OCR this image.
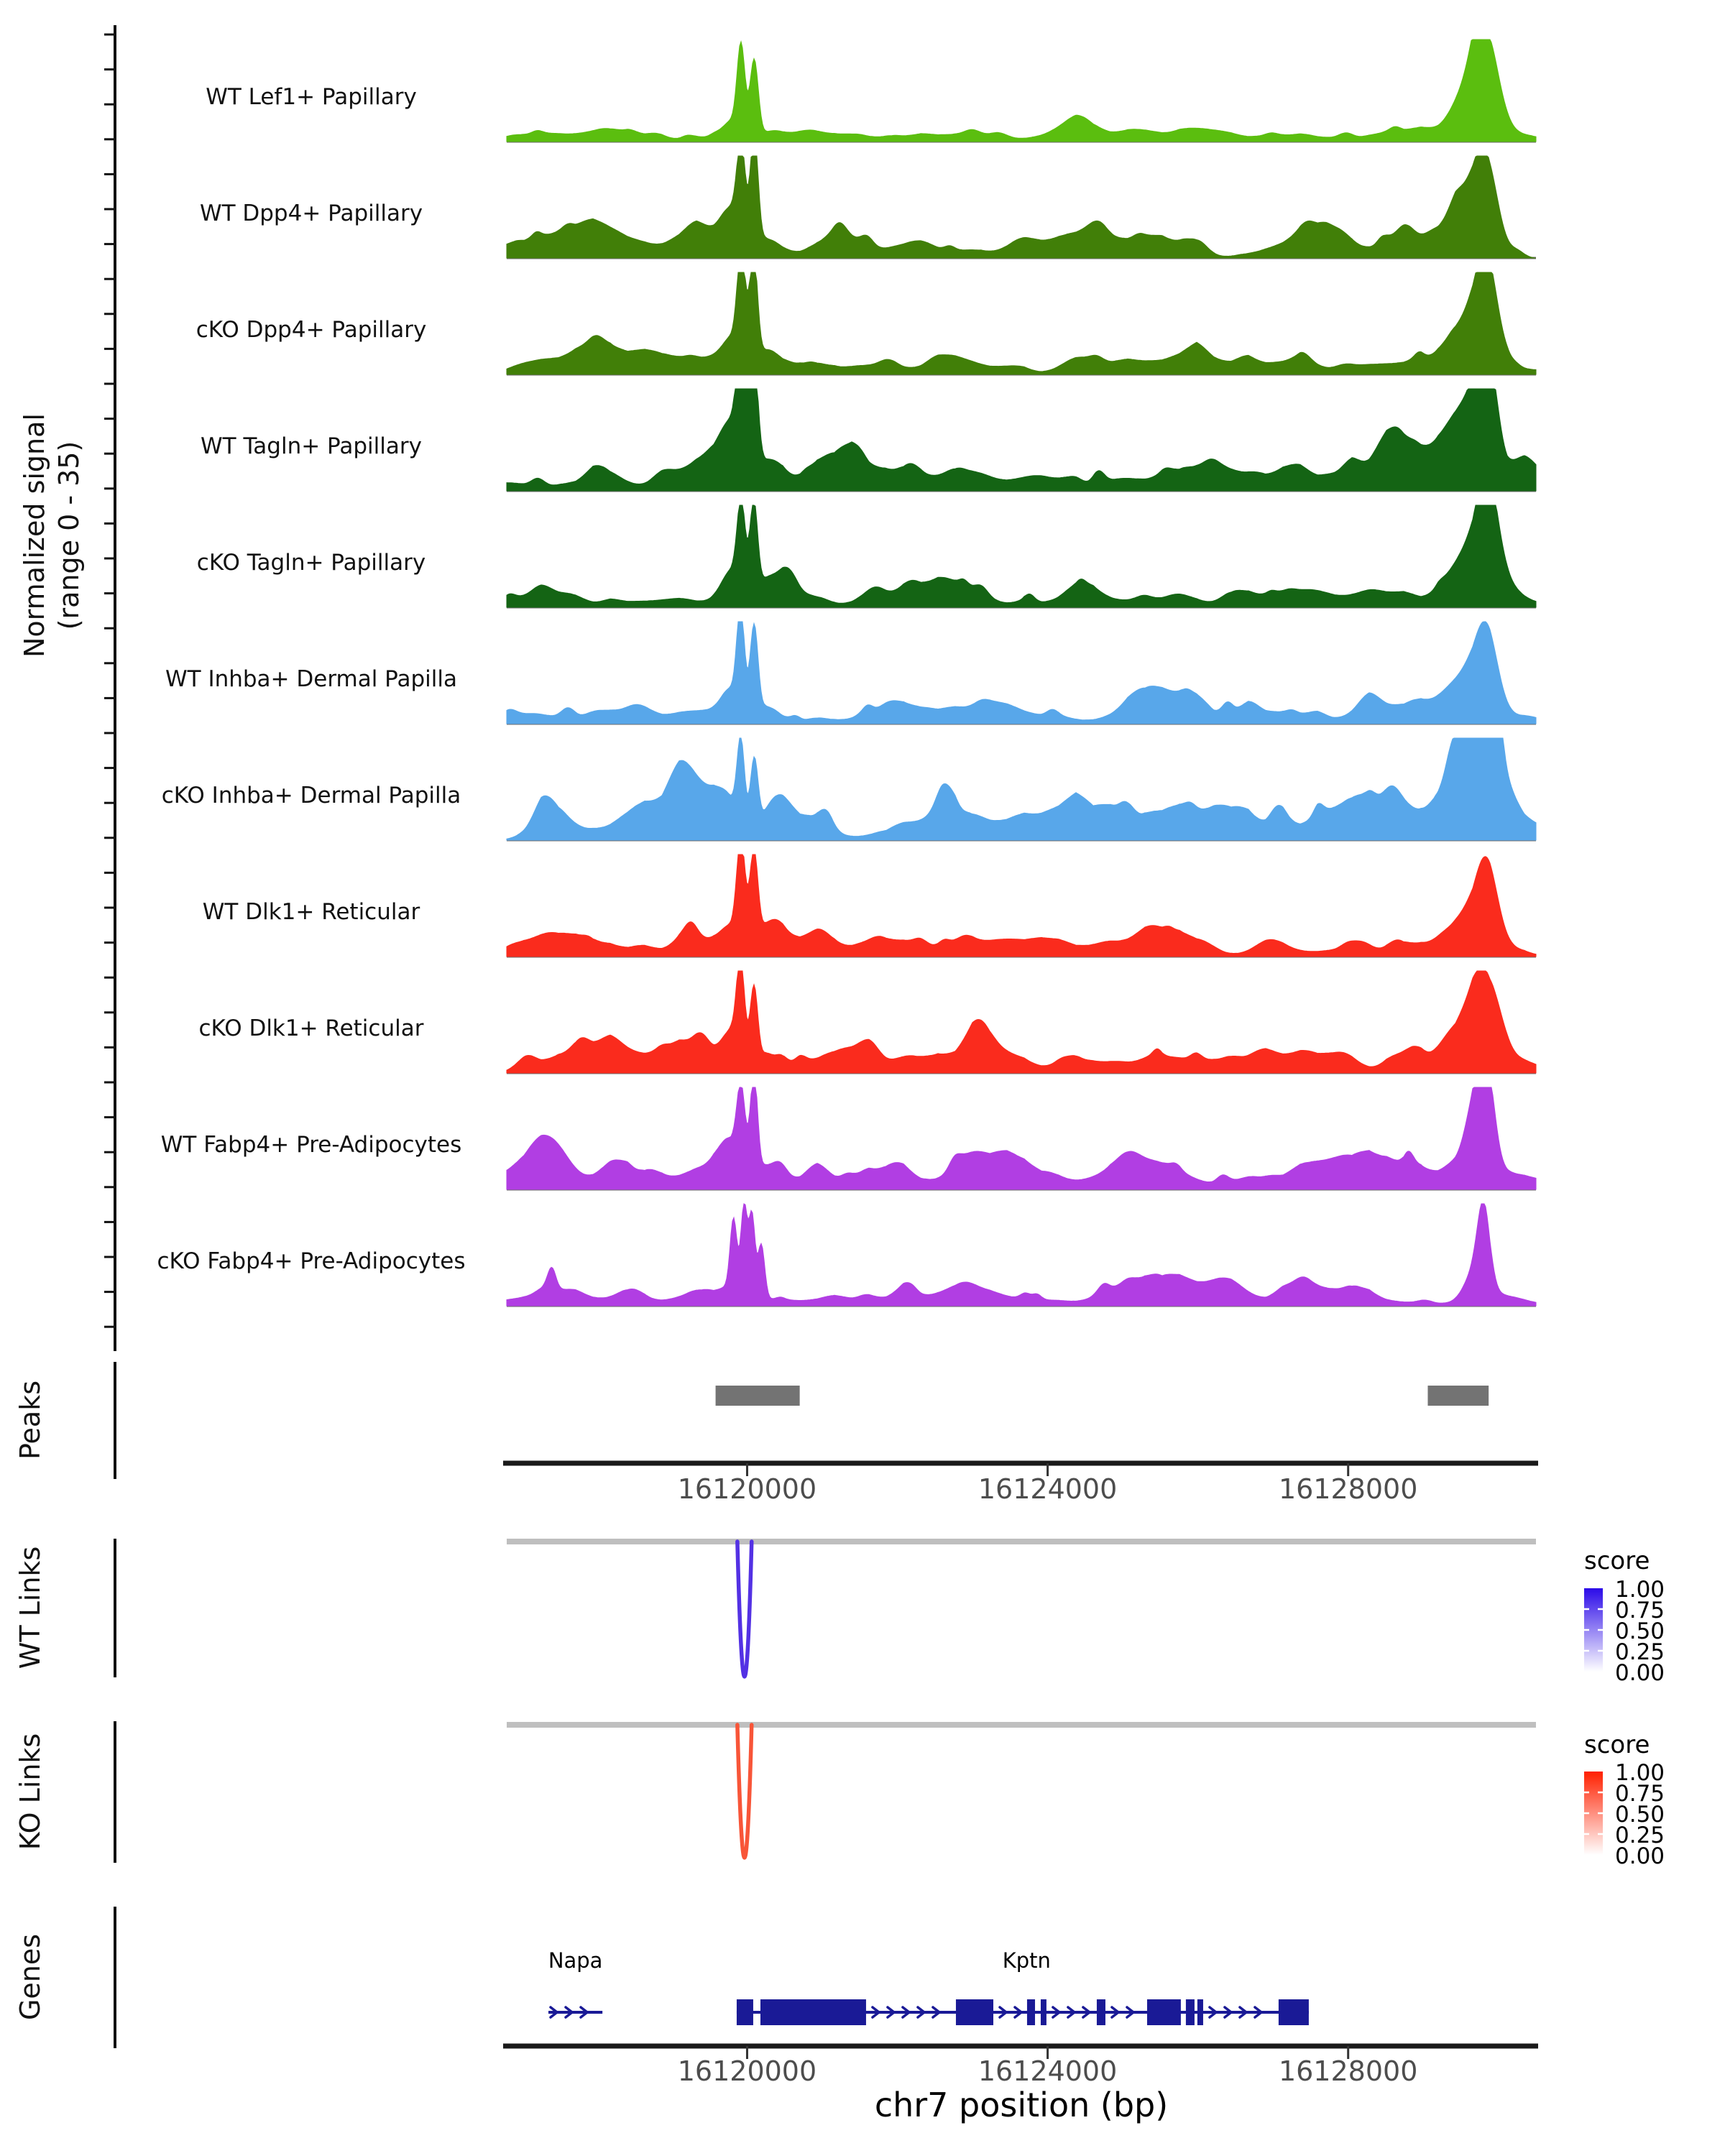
Normalized signal (range 0 - 35)
WT Lef1+ Papillary
WT Dpp4+ Papillary
cKO Dpp4+ Papillary
WT Tagln+ Papillary
cKO Tagln+ Papillary
WT Inhba+ Dermal Papilla
cKO Inhba+ Dermal Papilla
WT Dlk1+ Reticular
cKO Dlk1+ Reticular
WT Fabp4+ Pre-Adipocytes
cKO Fabp4+ Pre-Adipocytes
Peaks
WT Links
KO Links
Genes
score
score
chr7 position (bp)
16120000	16124000	16128000
16120000	16124000	16128000
1.00
0.75
0.50
0.25
0.00
1.00
0.75
0.50
0.25
0.00
Napa	Kptn
